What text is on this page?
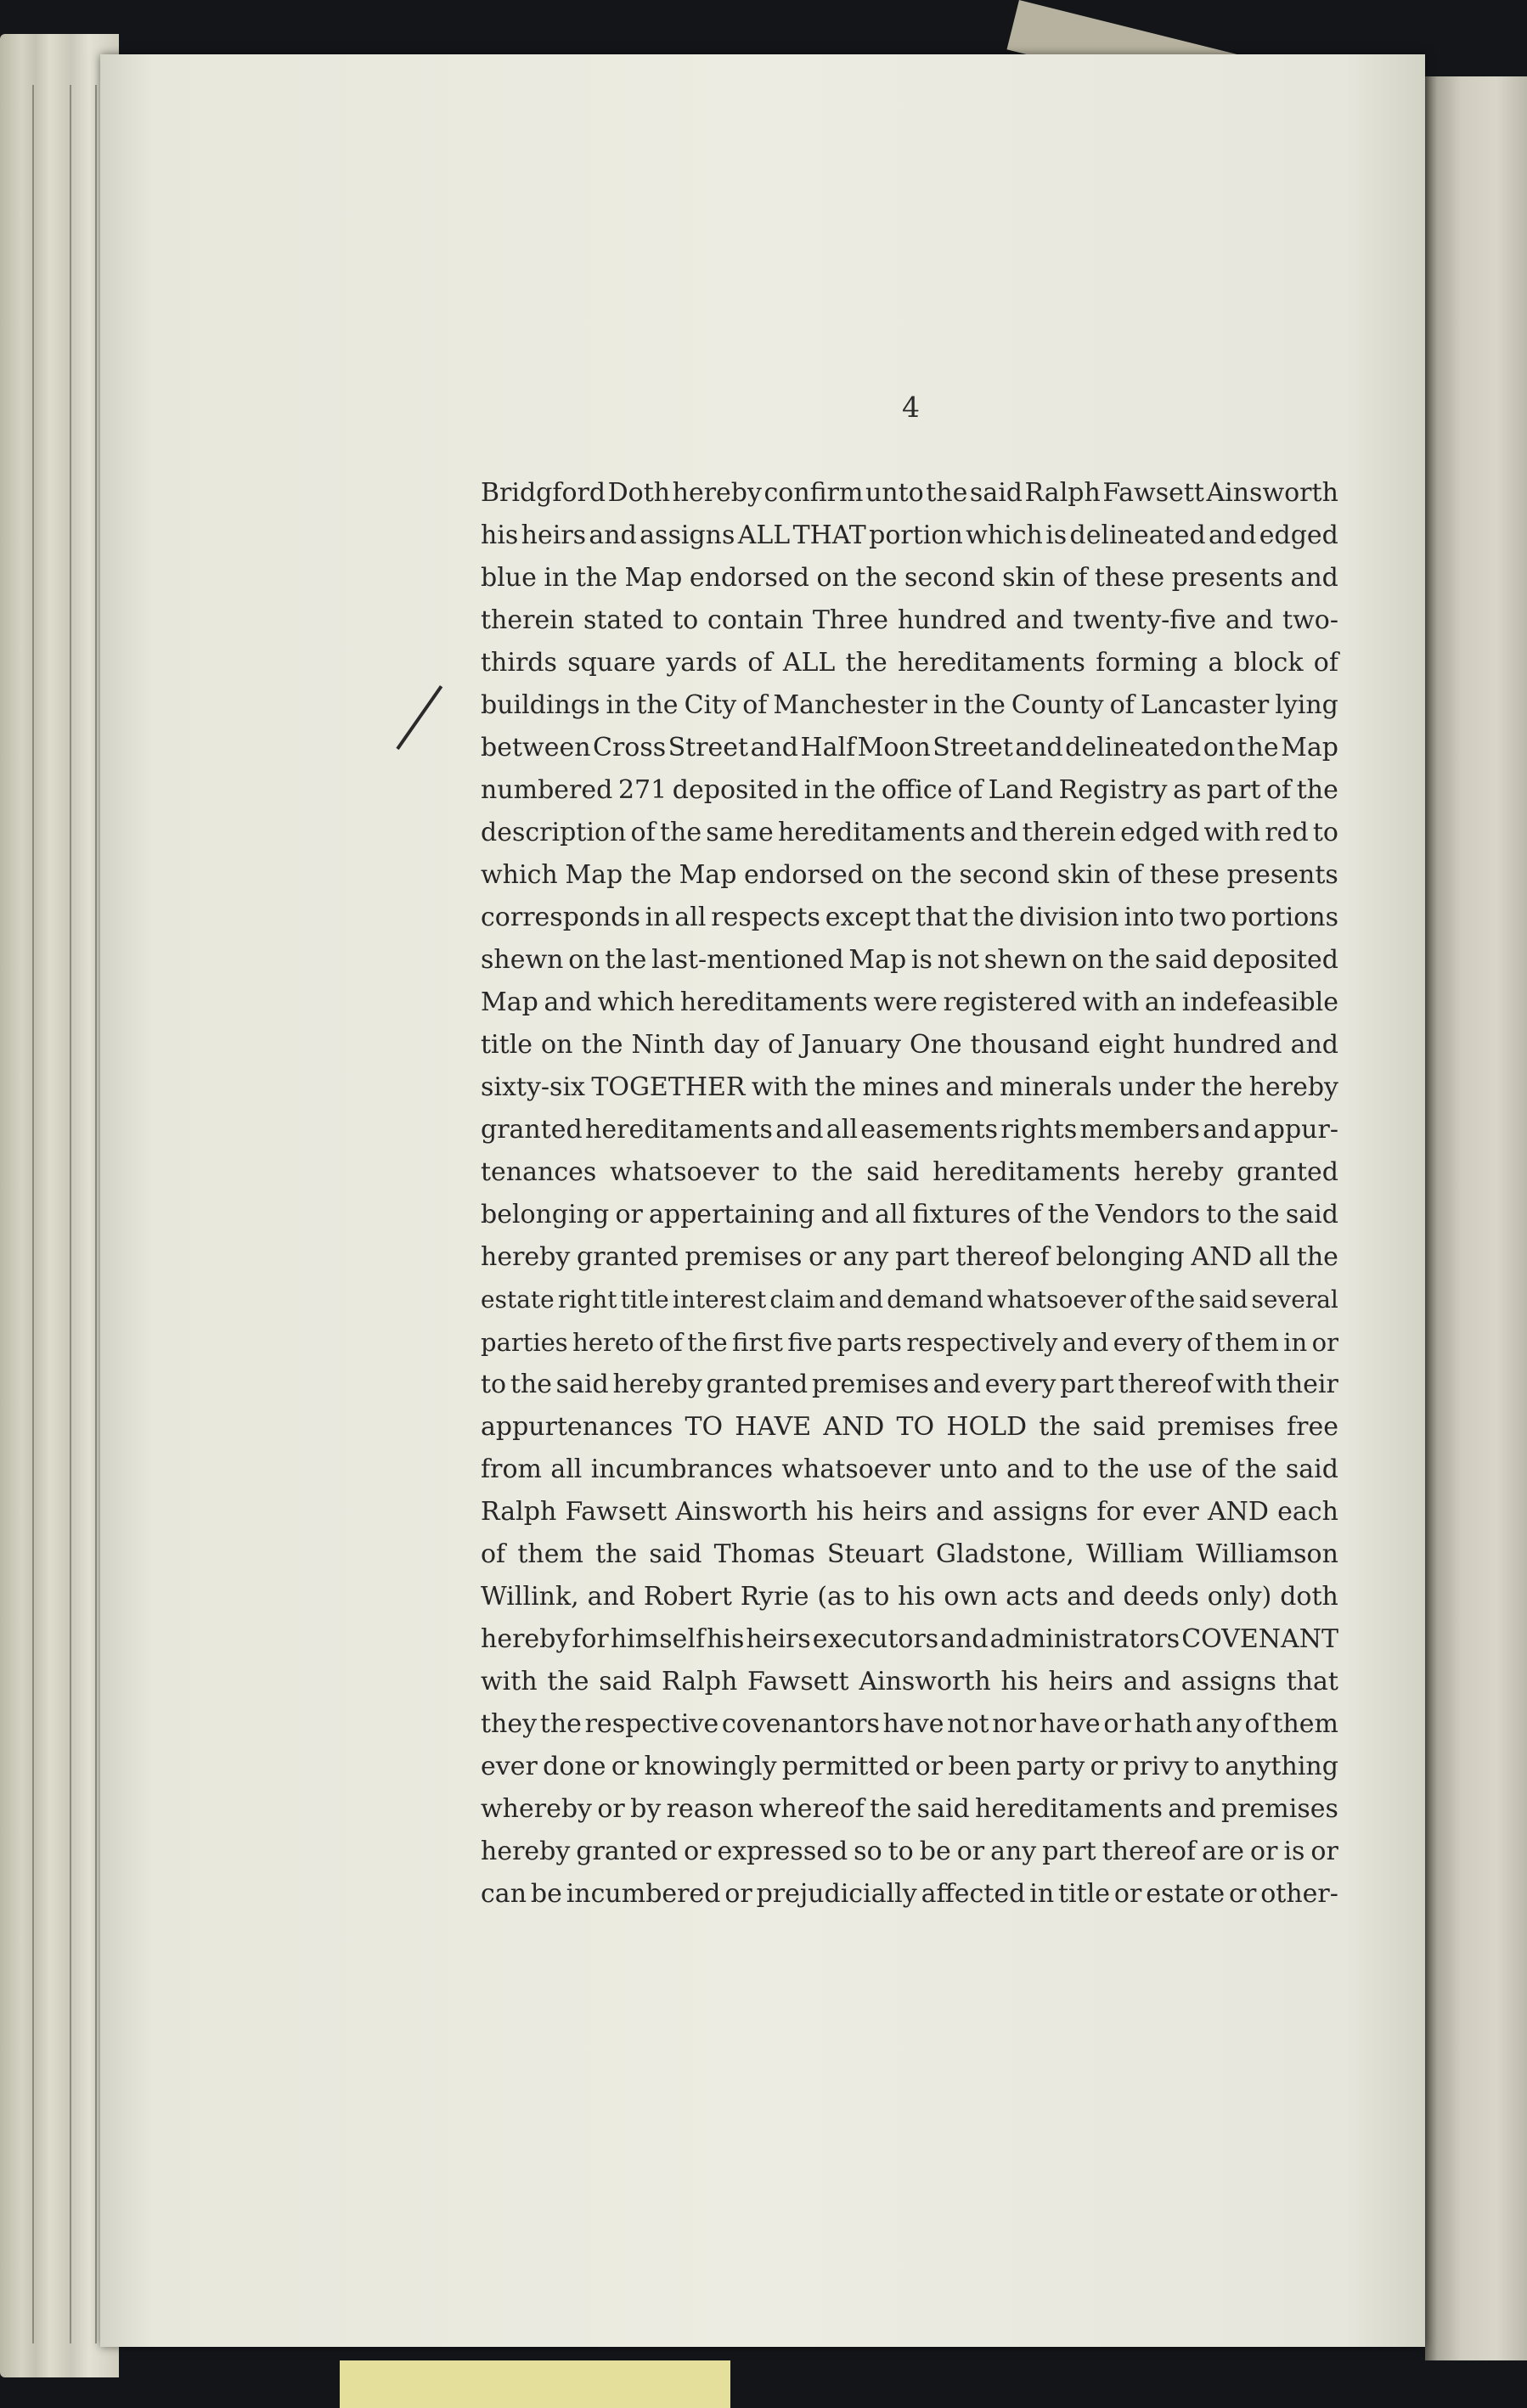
4
Bridgford Doth hereby confirm unto the said Ralph Fawsett Ainsworth
his heirs and assigns ALL THAT portion which is delineated and edged
blue in the Map endorsed on the second skin of these presents and
therein stated to contain Three hundred and twenty-five and two-
thirds square yards of ALL the hereditaments forming a block of
buildings in the City of Manchester in the County of Lancaster lying
between Cross Street and Half Moon Street and delineated on the Map
numbered 271 deposited in the office of Land Registry as part of the
description of the same hereditaments and therein edged with red to
which Map the Map endorsed on the second skin of these presents
corresponds in all respects except that the division into two portions
shewn on the last-mentioned Map is not shewn on the said deposited
Map and which hereditaments were registered with an indefeasible
title on the Ninth day of January One thousand eight hundred and
sixty-six TOGETHER with the mines and minerals under the hereby
granted hereditaments and all easements rights members and appur-
tenances whatsoever to the said hereditaments hereby granted
belonging or appertaining and all fixtures of the Vendors to the said
hereby granted premises or any part thereof belonging AND all the
estate right title interest claim and demand whatsoever of the said several
parties hereto of the first five parts respectively and every of them in or
to the said hereby granted premises and every part thereof with their
appurtenances TO HAVE AND TO HOLD the said premises free
from all incumbrances whatsoever unto and to the use of the said
Ralph Fawsett Ainsworth his heirs and assigns for ever AND each
of them the said Thomas Steuart Gladstone, William Williamson
Willink, and Robert Ryrie (as to his own acts and deeds only) doth
hereby for himself his heirs executors and administrators COVENANT
with the said Ralph Fawsett Ainsworth his heirs and assigns that
they the respective covenantors have not nor have or hath any of them
ever done or knowingly permitted or been party or privy to anything
whereby or by reason whereof the said hereditaments and premises
hereby granted or expressed so to be or any part thereof are or is or
can be incumbered or prejudicially affected in title or estate or other-
